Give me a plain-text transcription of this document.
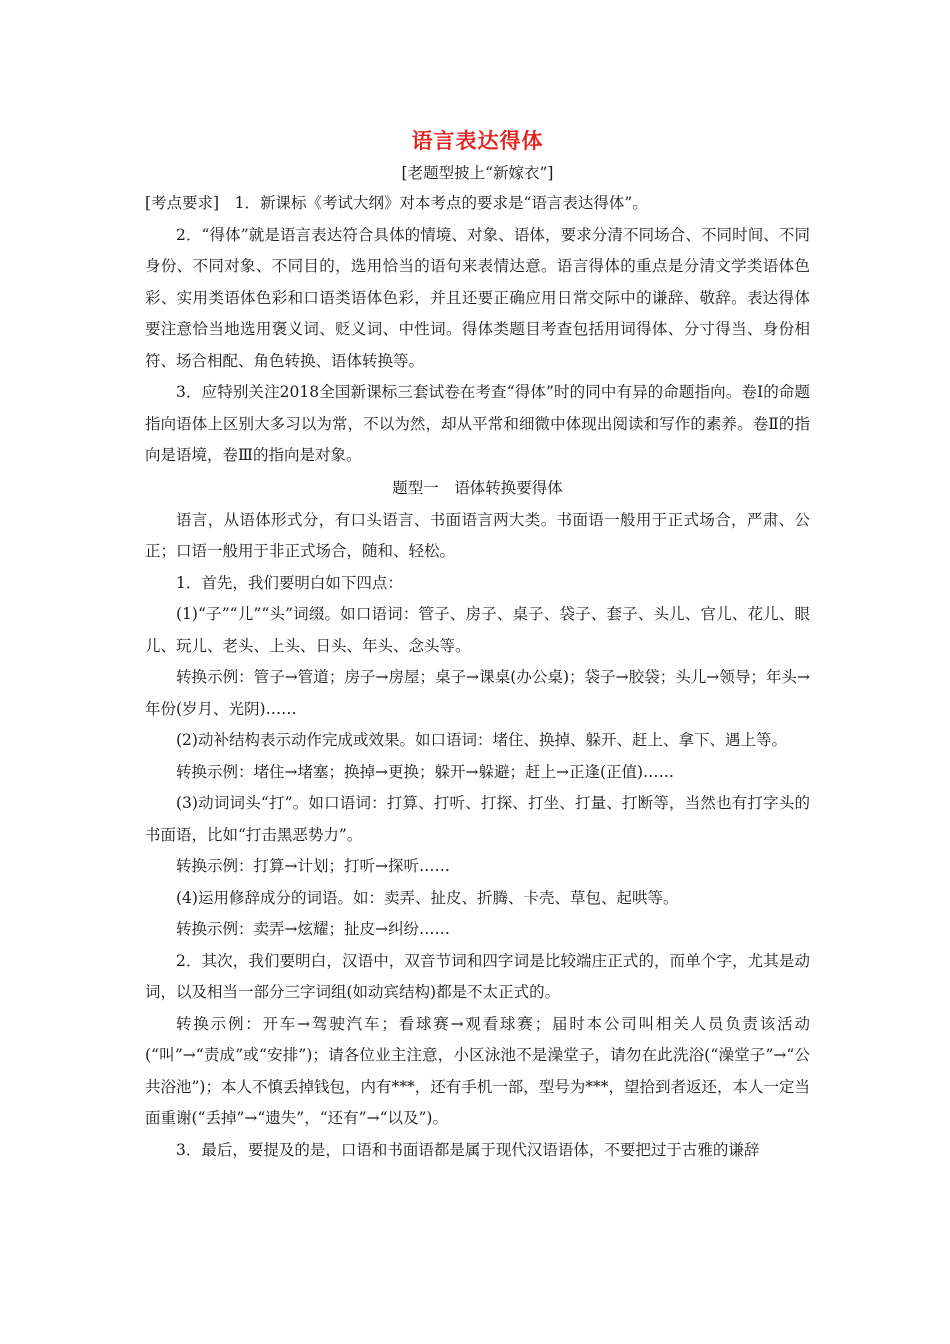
语言表达得体
[老题型披上“新嫁衣”]

[考点要求]　1．新课标《考试大纲》对本考点的要求是“语言表达得体”。

2．“得体”就是语言表达符合具体的情境、对象、语体，要求分清不同场合、不同时间、不同身份、不同对象、不同目的，选用恰当的语句来表情达意。语言得体的重点是分清文学类语体色彩、实用类语体色彩和口语类语体色彩，并且还要正确应用日常交际中的谦辞、敬辞。表达得体要注意恰当地选用褒义词、贬义词、中性词。得体类题目考查包括用词得体、分寸得当、身份相符、场合相配、角色转换、语体转换等。

3．应特别关注2018全国新课标三套试卷在考查“得体”时的同中有异的命题指向。卷Ⅰ的命题指向语体上区别大多习以为常，不以为然，却从平常和细微中体现出阅读和写作的素养。卷Ⅱ的指向是语境，卷Ⅲ的指向是对象。

题型一　语体转换要得体

语言，从语体形式分，有口头语言、书面语言两大类。书面语一般用于正式场合，严肃、公正；口语一般用于非正式场合，随和、轻松。

1．首先，我们要明白如下四点：

(1)“子”“儿”“头”词缀。如口语词：管子、房子、桌子、袋子、套子、头儿、官儿、花儿、眼儿、玩儿、老头、上头、日头、年头、念头等。

转换示例：管子→管道；房子→房屋；桌子→课桌(办公桌)；袋子→胶袋；头儿→领导；年头→年份(岁月、光阴)……

(2)动补结构表示动作完成或效果。如口语词：堵住、换掉、躲开、赶上、拿下、遇上等。

转换示例：堵住→堵塞；换掉→更换；躲开→躲避；赶上→正逢(正值)……

(3)动词词头“打”。如口语词：打算、打听、打探、打坐、打量、打断等，当然也有打字头的书面语，比如“打击黑恶势力”。

转换示例：打算→计划；打听→探听……

(4)运用修辞成分的词语。如：卖弄、扯皮、折腾、卡壳、草包、起哄等。

转换示例：卖弄→炫耀；扯皮→纠纷……

2．其次，我们要明白，汉语中，双音节词和四字词是比较端庄正式的，而单个字，尤其是动词，以及相当一部分三字词组(如动宾结构)都是不太正式的。

转换示例：开车→驾驶汽车；看球赛→观看球赛；届时本公司叫相关人员负责该活动(“叫”→“责成”或“安排”)；请各位业主注意，小区泳池不是澡堂子，请勿在此洗浴(“澡堂子”→“公共浴池”)；本人不慎丢掉钱包，内有***，还有手机一部，型号为***，望拾到者返还，本人一定当面重谢(“丢掉”→“遗失”，“还有”→“以及”)。

3．最后，要提及的是，口语和书面语都是属于现代汉语语体，不要把过于古雅的谦辞
